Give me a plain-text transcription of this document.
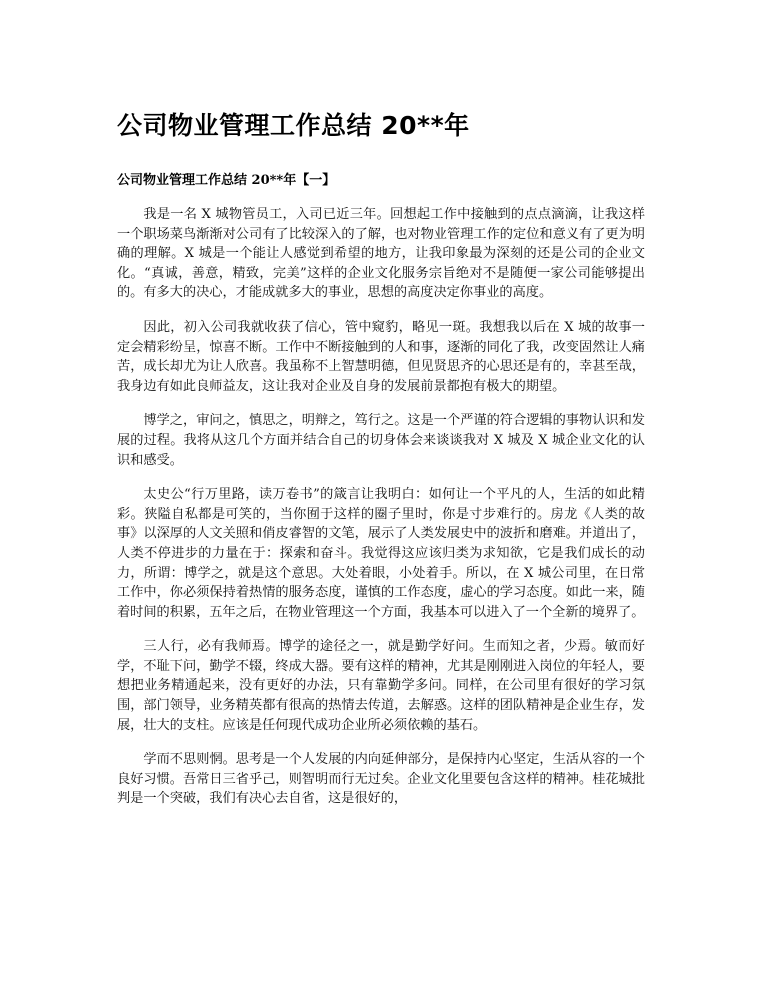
公司物业管理工作总结 20**年
公司物业管理工作总结 20**年【一】

我是一名 X 城物管员工，入司已近三年。回想起工作中接触到的点点滴滴，让我这样一个职场菜鸟渐渐对公司有了比较深入的了解，也对物业管理工作的定位和意义有了更为明确的理解。X 城是一个能让人感觉到希望的地方，让我印象最为深刻的还是公司的企业文化。“真诚，善意，精致，完美”这样的企业文化服务宗旨绝对不是随便一家公司能够提出的。有多大的决心，才能成就多大的事业，思想的高度决定你事业的高度。

因此，初入公司我就收获了信心，管中窥豹，略见一斑。我想我以后在 X 城的故事一定会精彩纷呈，惊喜不断。工作中不断接触到的人和事，逐渐的同化了我，改变固然让人痛苦，成长却尤为让人欣喜。我虽称不上智慧明德，但见贤思齐的心思还是有的，幸甚至哉，我身边有如此良师益友，这让我对企业及自身的发展前景都抱有极大的期望。

博学之，审问之，慎思之，明辩之，笃行之。这是一个严谨的符合逻辑的事物认识和发展的过程。我将从这几个方面并结合自己的切身体会来谈谈我对 X 城及 X 城企业文化的认识和感受。

太史公“行万里路，读万卷书”的箴言让我明白：如何让一个平凡的人，生活的如此精彩。狭隘自私都是可笑的，当你囿于这样的圈子里时，你是寸步难行的。房龙《人类的故事》以深厚的人文关照和俏皮睿智的文笔，展示了人类发展史中的波折和磨难。并道出了，人类不停进步的力量在于：探索和奋斗。我觉得这应该归类为求知欲，它是我们成长的动力，所谓：博学之，就是这个意思。大处着眼，小处着手。所以，在 X 城公司里，在日常工作中，你必须保持着热情的服务态度，谨慎的工作态度，虚心的学习态度。如此一来，随着时间的积累，五年之后，在物业管理这一个方面，我基本可以进入了一个全新的境界了。

三人行，必有我师焉。博学的途径之一，就是勤学好问。生而知之者，少焉。敏而好学，不耻下问，勤学不辍，终成大器。要有这样的精神，尤其是刚刚进入岗位的年轻人，要想把业务精通起来，没有更好的办法，只有靠勤学多问。同样，在公司里有很好的学习氛围，部门领导，业务精英都有很高的热情去传道，去解惑。这样的团队精神是企业生存，发展，壮大的支柱。应该是任何现代成功企业所必须依赖的基石。

学而不思则惘。思考是一个人发展的内向延伸部分，是保持内心坚定，生活从容的一个良好习惯。吾常日三省乎己，则智明而行无过矣。企业文化里要包含这样的精神。桂花城批判是一个突破，我们有决心去自省，这是很好的，
